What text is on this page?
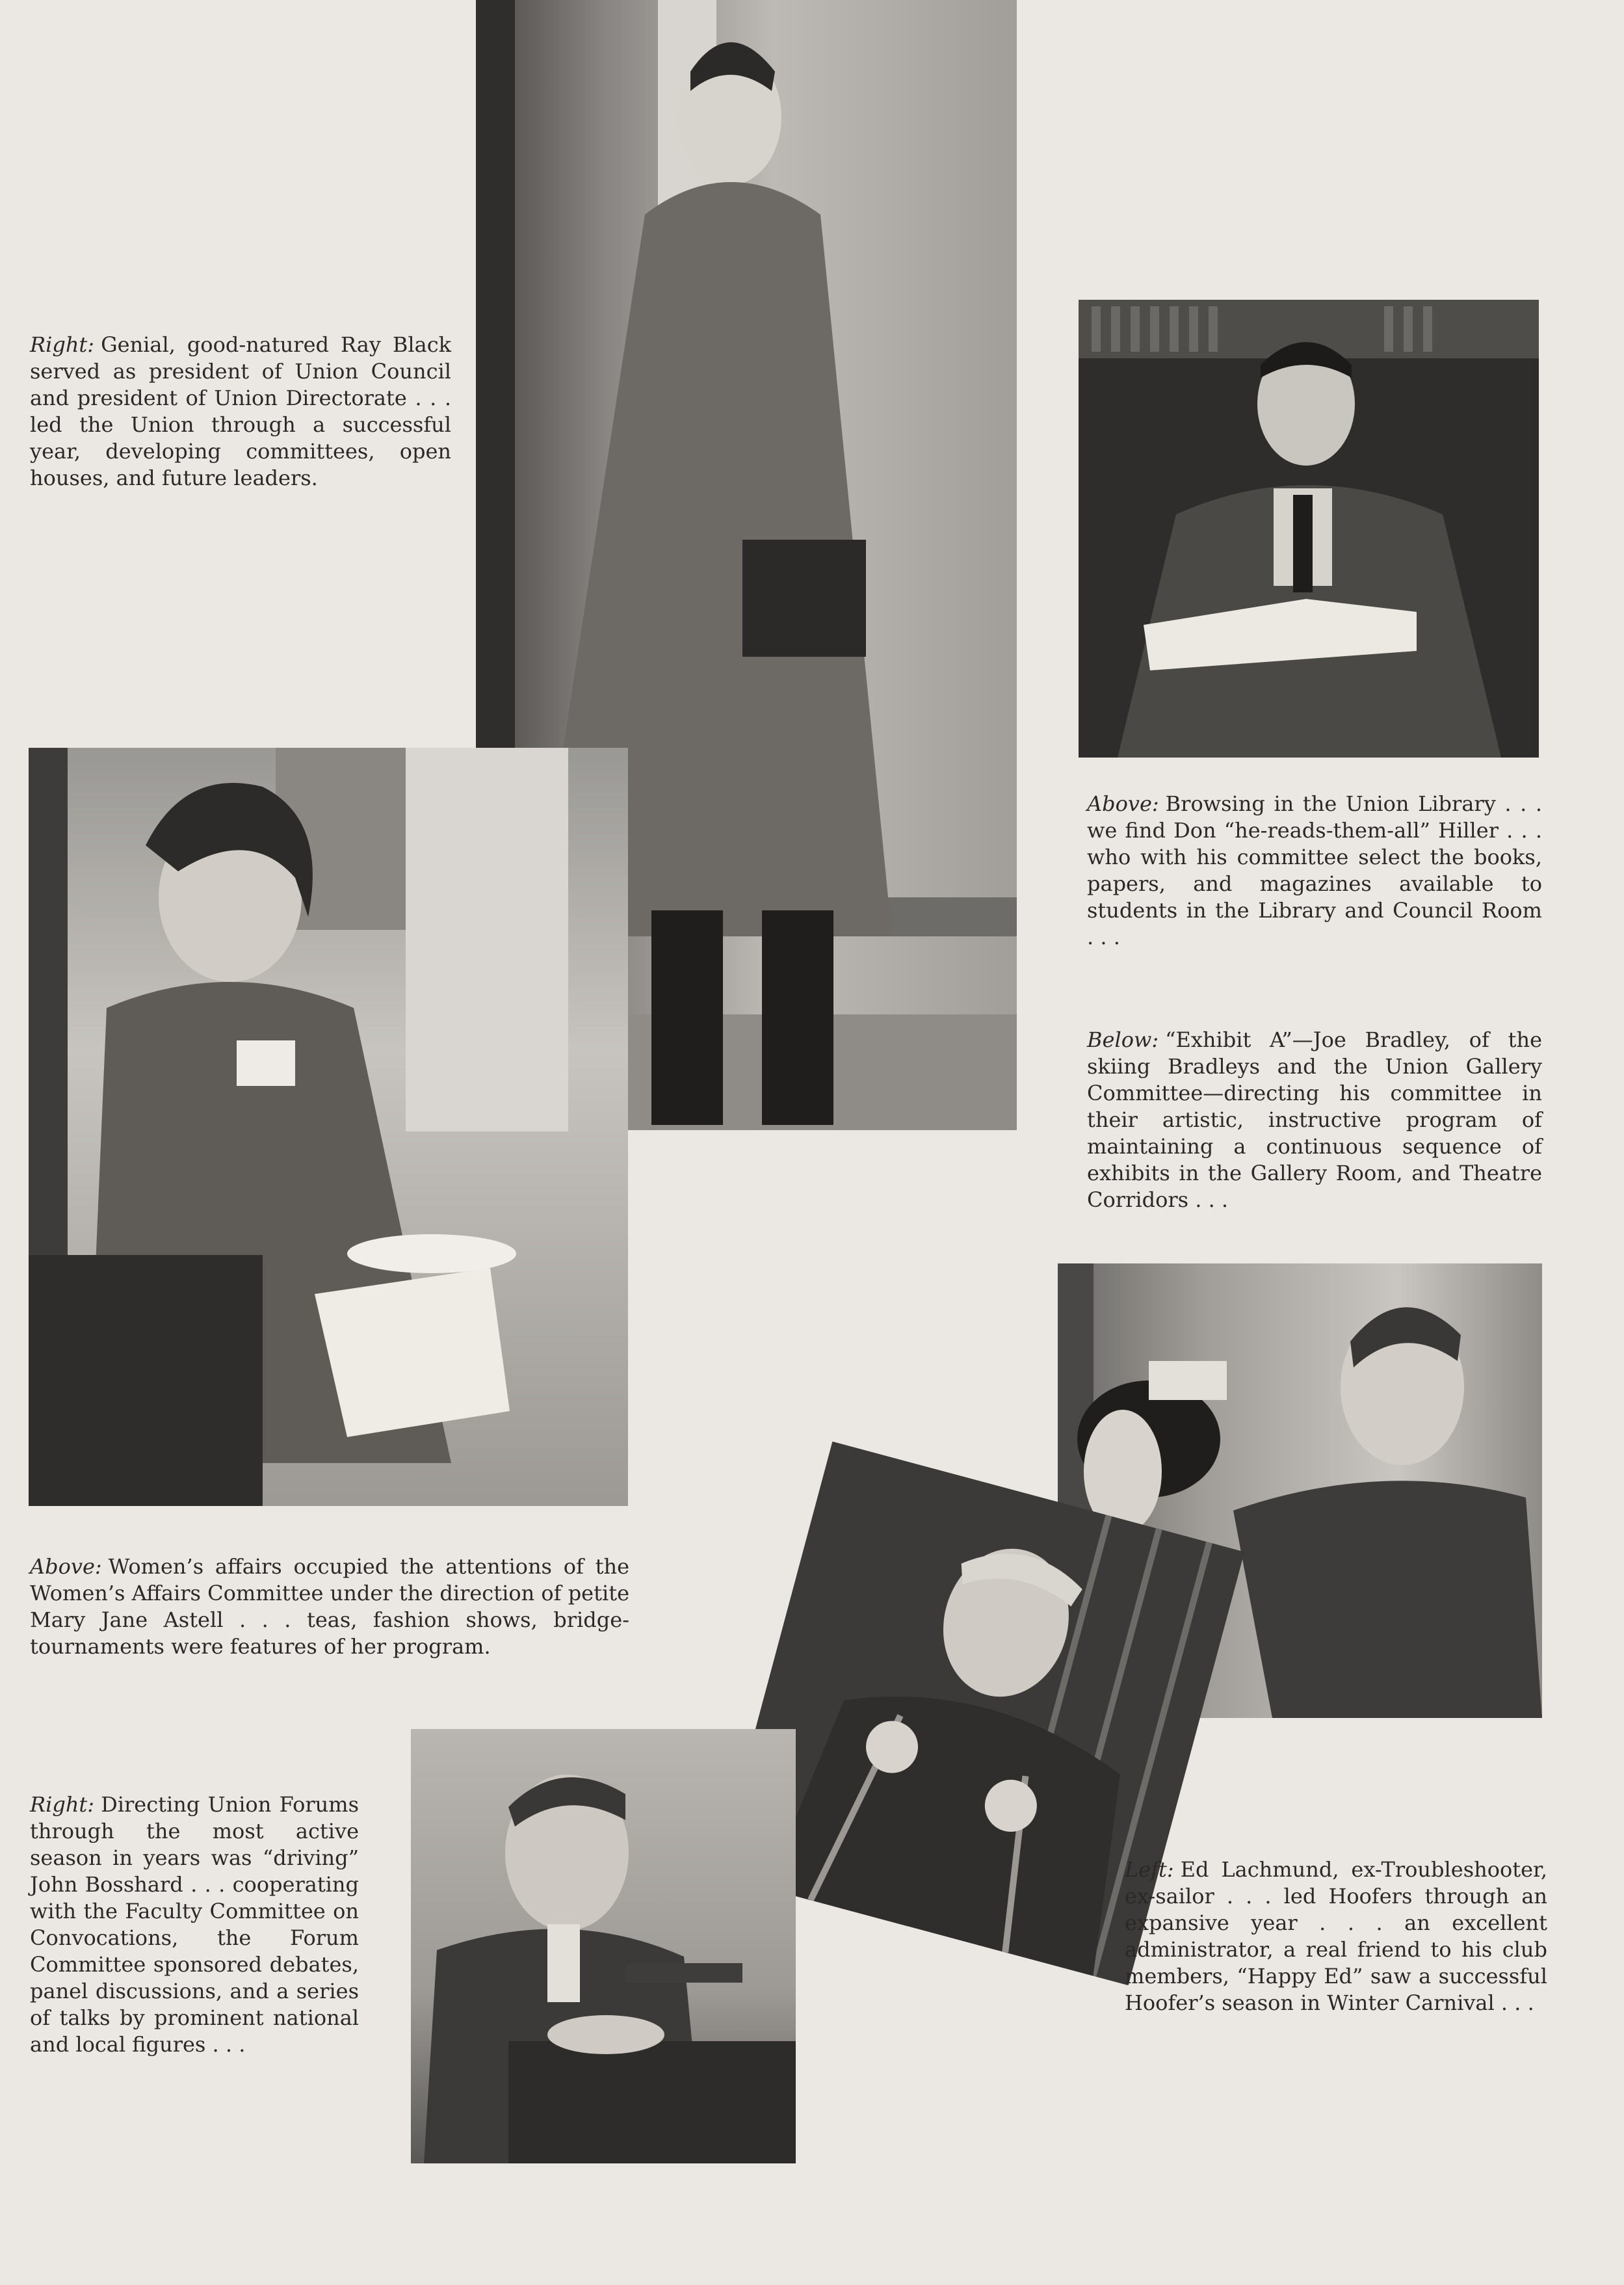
Right: Genial, good-natured Ray Black served as president of Union Council and president of Union Directorate . . . led the Union through a successful year, developing committees, open houses, and future leaders.
Above: Browsing in the Union Library . . . we find Don “he-reads-them-all” Hiller . . . who with his committee select the books, papers, and magazines available to students in the Library and Council Room . . .
Below: “Exhibit A”—Joe Bradley, of the skiing Bradleys and the Union Gallery Committee—directing his committee in their artistic, instructive program of maintaining a continuous sequence of exhibits in the Gallery Room, and Theatre Corridors . . .
Above: Women’s affairs occupied the attentions of the Women’s Affairs Committee under the direction of petite Mary Jane Astell . . . teas, fashion shows, bridge-tournaments were features of her program.
Right: Directing Union Forums through the most active season in years was “driving” John Bosshard . . . cooperating with the Faculty Committee on Convocations, the Forum Committee sponsored debates, panel discussions, and a series of talks by prominent national and local figures . . .
Left: Ed Lachmund, ex-Troubleshooter, ex-sailor . . . led Hoofers through an expansive year . . . an excellent administrator, a real friend to his club members, “Happy Ed” saw a successful Hoofer’s season in Winter Carnival . . .
